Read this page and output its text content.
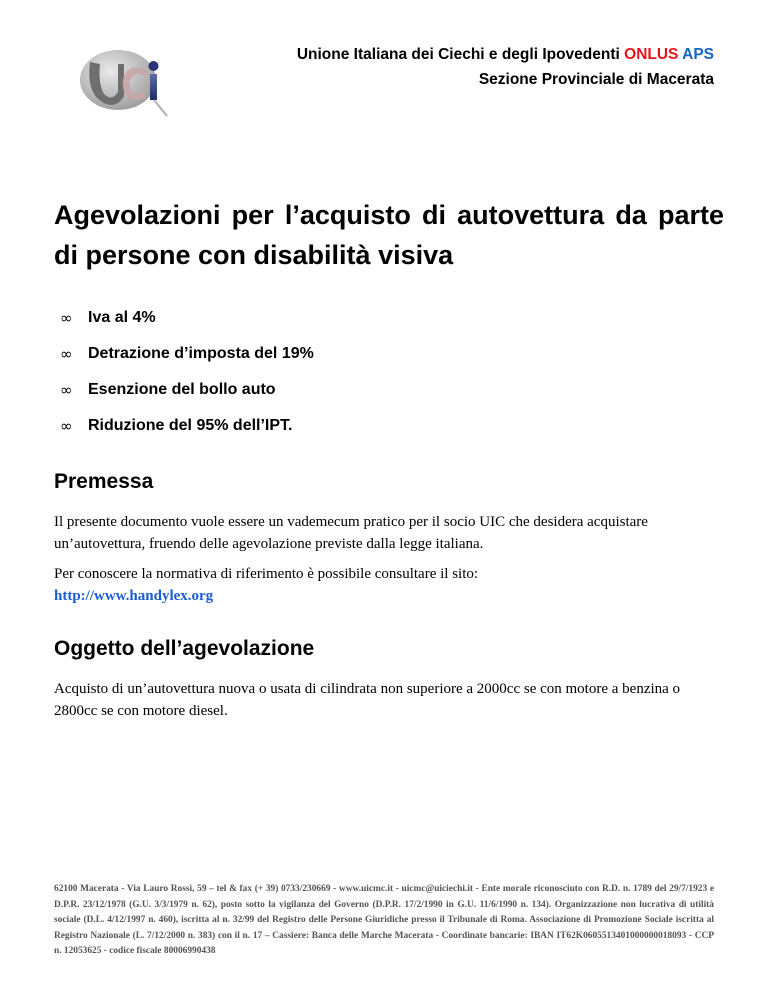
Unione Italiana dei Ciechi e degli Ipovedenti ONLUS APS
Sezione Provinciale di Macerata
Agevolazioni per l’acquisto di autovettura da parte di persone con disabilità visiva
∞ Iva al 4%
∞ Detrazione d’imposta del 19%
∞ Esenzione del bollo auto
∞ Riduzione del 95% dell’IPT.
Premessa

Il presente documento vuole essere un vademecum pratico per il socio UIC che desidera acquistare un’autovettura, fruendo delle agevolazione previste dalla legge italiana.

Per conoscere la normativa di riferimento è possibile consultare il sito:
http://www.handylex.org

Oggetto dell’agevolazione

Acquisto di un’autovettura nuova o usata di cilindrata non superiore a 2000cc se con motore a benzina o 2800cc se con motore diesel.

62100 Macerata - Via Lauro Rossi, 59 – tel & fax (+ 39) 0733/230669 - www.uicmc.it - uicmc@uiciechi.it - Ente morale riconosciuto con R.D. n. 1789 del 29/7/1923 e D.P.R. 23/12/1978 (G.U. 3/3/1979 n. 62), posto sotto la vigilanza del Governo (D.P.R. 17/2/1990 in G.U. 11/6/1990 n. 134). Organizzazione non lucrativa di utilità sociale (D.L. 4/12/1997 n. 460), iscritta al n. 32/99 del Registro delle Persone Giuridiche presso il Tribunale di Roma. Associazione di Promozione Sociale iscritta al Registro Nazionale (L. 7/12/2000 n. 383) con il n. 17 – Cassiere: Banca delle Marche Macerata - Coordinate bancarie: IBAN IT62K0605513401000000018093 - CCP n. 12053625 - codice fiscale 80006990438
